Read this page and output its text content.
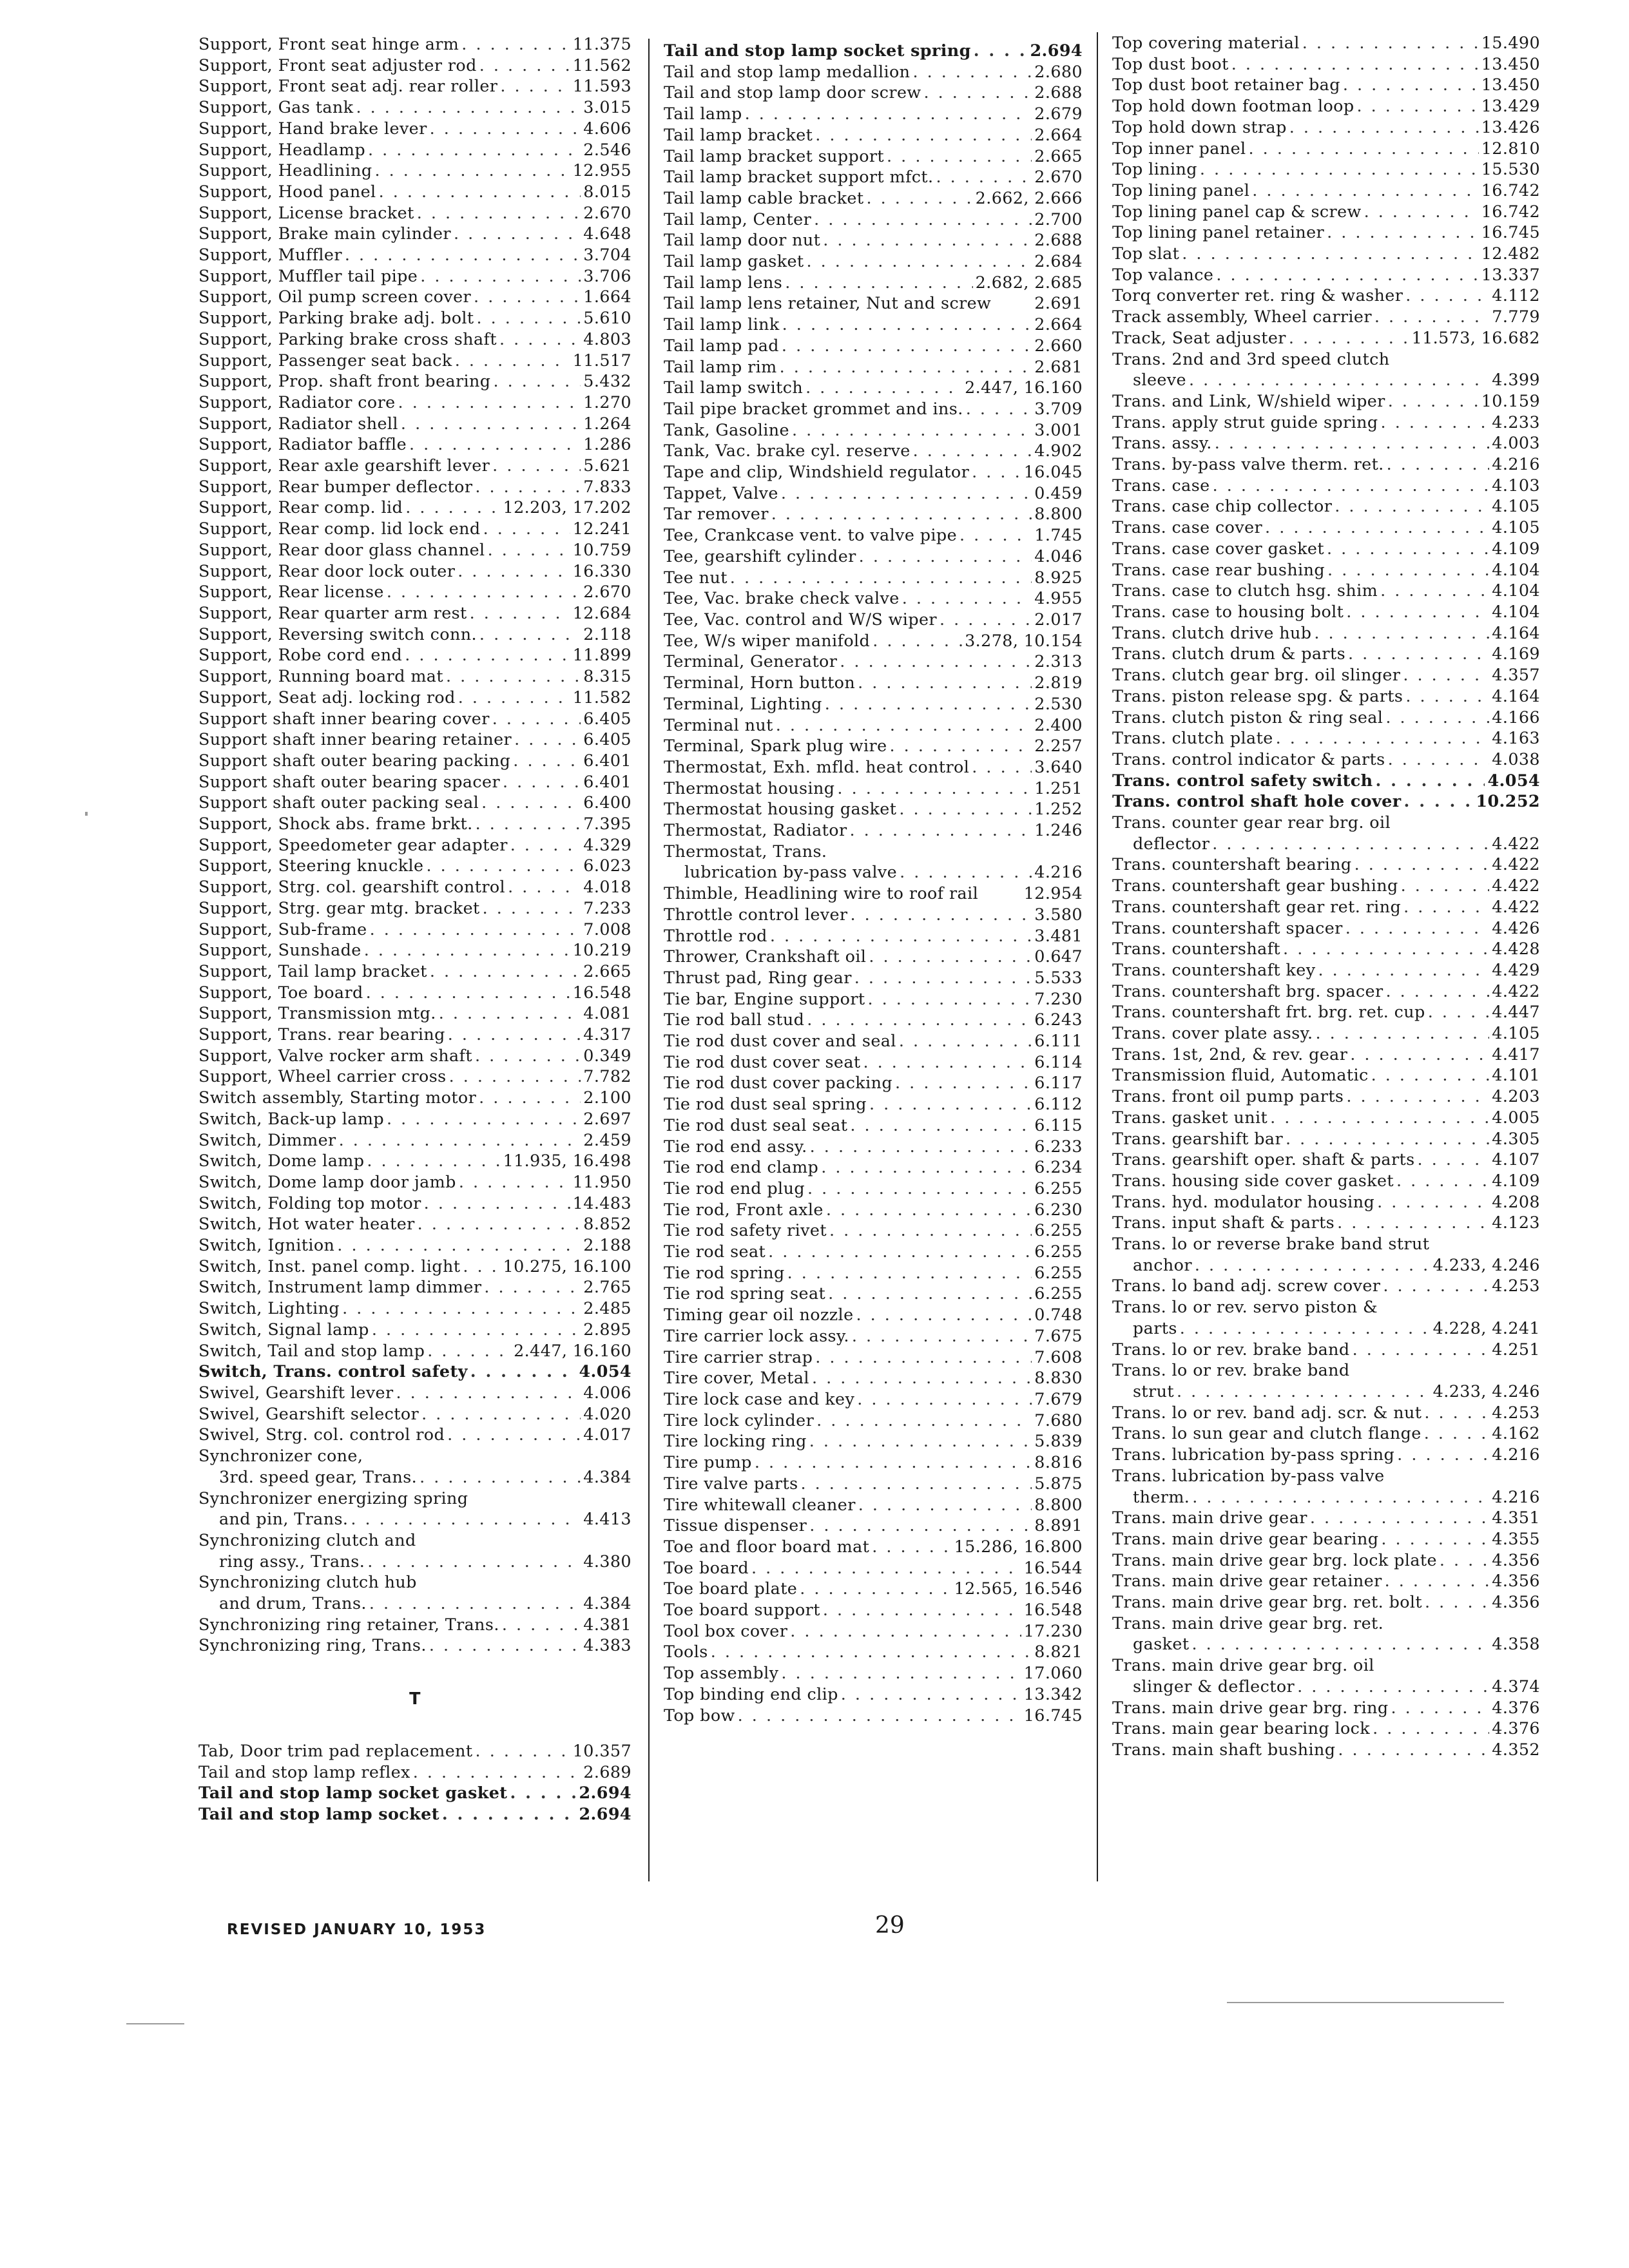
Support, Front seat hinge arm . . .	11.375
Support, Front seat adjuster rod . . .	11.562
Support, Front seat adj. rear roller . . .	11.593
Support, Gas tank . . .	3.015
Support, Hand brake lever . . .	4.606
Support, Headlamp . . .	2.546
Support, Headlining . . .	12.955
Support, Hood panel . . .	8.015
Support, License bracket . . .	2.670
Support, Brake main cylinder . . .	4.648
Support, Muffler . . .	3.704
Support, Muffler tail pipe . . .	3.706
Support, Oil pump screen cover . . .	1.664
Support, Parking brake adj. bolt . . .	5.610
Support, Parking brake cross shaft . . .	4.803
Support, Passenger seat back . . .	11.517
Support, Prop. shaft front bearing . . .	5.432
Support, Radiator core . . .	1.270
Support, Radiator shell . . .	1.264
Support, Radiator baffle . . .	1.286
Support, Rear axle gearshift lever . . .	5.621
Support, Rear bumper deflector . . .	7.833
Support, Rear comp. lid . . .	12.203, 17.202
Support, Rear comp. lid lock end . . .	12.241
Support, Rear door glass channel . . .	10.759
Support, Rear door lock outer . . .	16.330
Support, Rear license . . .	2.670
Support, Rear quarter arm rest . . .	12.684
Support, Reversing switch conn. . . .	2.118
Support, Robe cord end . . .	11.899
Support, Running board mat . . .	8.315
Support, Seat adj. locking rod . . .	11.582
Support shaft inner bearing cover . . .	6.405
Support shaft inner bearing retainer . . .	6.405
Support shaft outer bearing packing . . .	6.401
Support shaft outer bearing spacer . . .	6.401
Support shaft outer packing seal . . .	6.400
Support, Shock abs. frame brkt. . . .	7.395
Support, Speedometer gear adapter . . .	4.329
Support, Steering knuckle . . .	6.023
Support, Strg. col. gearshift control . . .	4.018
Support, Strg. gear mtg. bracket . . .	7.233
Support, Sub-frame . . .	7.008
Support, Sunshade . . .	10.219
Support, Tail lamp bracket . . .	2.665
Support, Toe board . . .	16.548
Support, Transmission mtg. . . .	4.081
Support, Trans. rear bearing . . .	4.317
Support, Valve rocker arm shaft . . .	0.349
Support, Wheel carrier cross . . .	7.782
Switch assembly, Starting motor . . .	2.100
Switch, Back-up lamp . . .	2.697
Switch, Dimmer . . .	2.459
Switch, Dome lamp . . .	11.935, 16.498
Switch, Dome lamp door jamb . . .	11.950
Switch, Folding top motor . . .	14.483
Switch, Hot water heater . . .	8.852
Switch, Ignition . . .	2.188
Switch, Inst. panel comp. light . . .	10.275, 16.100
Switch, Instrument lamp dimmer . . .	2.765
Switch, Lighting . . .	2.485
Switch, Signal lamp . . .	2.895
Switch, Tail and stop lamp . . .	2.447, 16.160
Switch, Trans. control safety . . .	4.054
Swivel, Gearshift lever . . .	4.006
Swivel, Gearshift selector . . .	4.020
Swivel, Strg. col. control rod . . .	4.017
Synchronizer cone,
3rd. speed gear, Trans. . . .	4.384
Synchronizer energizing spring
and pin, Trans. . . .	4.413
Synchronizing clutch and
ring assy., Trans. . . .	4.380
Synchronizing clutch hub
and drum, Trans. . . .	4.384
Synchronizing ring retainer, Trans. . . .	4.381
Synchronizing ring, Trans. . . .	4.383
T
Tab, Door trim pad replacement . . .	10.357
Tail and stop lamp reflex . . .	2.689
Tail and stop lamp socket gasket . . .	2.694
Tail and stop lamp socket . . .	2.694
Tail and stop lamp socket spring . . .	2.694
Tail and stop lamp medallion . . .	2.680
Tail and stop lamp door screw . . .	2.688
Tail lamp . . .	2.679
Tail lamp bracket . . .	2.664
Tail lamp bracket support . . .	2.665
Tail lamp bracket support mfct. . . .	2.670
Tail lamp cable bracket . . .	2.662, 2.666
Tail lamp, Center . . .	2.700
Tail lamp door nut . . .	2.688
Tail lamp gasket . . .	2.684
Tail lamp lens . . .	2.682, 2.685
Tail lamp lens retainer, Nut and screw	2.691
Tail lamp link . . .	2.664
Tail lamp pad . . .	2.660
Tail lamp rim . . .	2.681
Tail lamp switch . . .	2.447, 16.160
Tail pipe bracket grommet and ins. . . .	3.709
Tank, Gasoline . . .	3.001
Tank, Vac. brake cyl. reserve . . .	4.902
Tape and clip, Windshield regulator . . .	16.045
Tappet, Valve . . .	0.459
Tar remover . . .	8.800
Tee, Crankcase vent. to valve pipe . . .	1.745
Tee, gearshift cylinder . . .	4.046
Tee nut . . .	8.925
Tee, Vac. brake check valve . . .	4.955
Tee, Vac. control and W/S wiper . . .	2.017
Tee, W/s wiper manifold . . .	3.278, 10.154
Terminal, Generator . . .	2.313
Terminal, Horn button . . .	2.819
Terminal, Lighting . . .	2.530
Terminal nut . . .	2.400
Terminal, Spark plug wire . . .	2.257
Thermostat, Exh. mfld. heat control . . .	3.640
Thermostat housing . . .	1.251
Thermostat housing gasket . . .	1.252
Thermostat, Radiator . . .	1.246
Thermostat, Trans.
lubrication by-pass valve . . .	4.216
Thimble, Headlining wire to roof rail	12.954
Throttle control lever . . .	3.580
Throttle rod . . .	3.481
Thrower, Crankshaft oil . . .	0.647
Thrust pad, Ring gear . . .	5.533
Tie bar, Engine support . . .	7.230
Tie rod ball stud . . .	6.243
Tie rod dust cover and seal . . .	6.111
Tie rod dust cover seat . . .	6.114
Tie rod dust cover packing . . .	6.117
Tie rod dust seal spring . . .	6.112
Tie rod dust seal seat . . .	6.115
Tie rod end assy. . . .	6.233
Tie rod end clamp . . .	6.234
Tie rod end plug . . .	6.255
Tie rod, Front axle . . .	6.230
Tie rod safety rivet . . .	6.255
Tie rod seat . . .	6.255
Tie rod spring . . .	6.255
Tie rod spring seat . . .	6.255
Timing gear oil nozzle . . .	0.748
Tire carrier lock assy. . . .	7.675
Tire carrier strap . . .	7.608
Tire cover, Metal . . .	8.830
Tire lock case and key . . .	7.679
Tire lock cylinder . . .	7.680
Tire locking ring . . .	5.839
Tire pump . . .	8.816
Tire valve parts . . .	5.875
Tire whitewall cleaner . . .	8.800
Tissue dispenser . . .	8.891
Toe and floor board mat . . .	15.286, 16.800
Toe board . . .	16.544
Toe board plate . . .	12.565, 16.546
Toe board support . . .	16.548
Tool box cover . . .	17.230
Tools . . .	8.821
Top assembly . . .	17.060
Top binding end clip . . .	13.342
Top bow . . .	16.745
Top covering material . . .	15.490
Top dust boot . . .	13.450
Top dust boot retainer bag . . .	13.450
Top hold down footman loop . . .	13.429
Top hold down strap . . .	13.426
Top inner panel . . .	12.810
Top lining . . .	15.530
Top lining panel . . .	16.742
Top lining panel cap & screw . . .	16.742
Top lining panel retainer . . .	16.745
Top slat . . .	12.482
Top valance . . .	13.337
Torq converter ret. ring & washer . . .	4.112
Track assembly, Wheel carrier . . .	7.779
Track, Seat adjuster . . .	11.573, 16.682
Trans. 2nd and 3rd speed clutch
sleeve . . .	4.399
Trans. and Link, W/shield wiper . . .	10.159
Trans. apply strut guide spring . . .	4.233
Trans. assy. . . .	4.003
Trans. by-pass valve therm. ret. . . .	4.216
Trans. case . . .	4.103
Trans. case chip collector . . .	4.105
Trans. case cover . . .	4.105
Trans. case cover gasket . . .	4.109
Trans. case rear bushing . . .	4.104
Trans. case to clutch hsg. shim . . .	4.104
Trans. case to housing bolt . . .	4.104
Trans. clutch drive hub . . .	4.164
Trans. clutch drum & parts . . .	4.169
Trans. clutch gear brg. oil slinger . . .	4.357
Trans. piston release spg. & parts . . .	4.164
Trans. clutch piston & ring seal . . .	4.166
Trans. clutch plate . . .	4.163
Trans. control indicator & parts . . .	4.038
Trans. control safety switch . . .	4.054
Trans. control shaft hole cover . . .	10.252
Trans. counter gear rear brg. oil
deflector . . .	4.422
Trans. countershaft bearing . . .	4.422
Trans. countershaft gear bushing . . .	4.422
Trans. countershaft gear ret. ring . . .	4.422
Trans. countershaft spacer . . .	4.426
Trans. countershaft . . .	4.428
Trans. countershaft key . . .	4.429
Trans. countershaft brg. spacer . . .	4.422
Trans. countershaft frt. brg. ret. cup . . .	4.447
Trans. cover plate assy. . . .	4.105
Trans. 1st, 2nd, & rev. gear . . .	4.417
Transmission fluid, Automatic . . .	4.101
Trans. front oil pump parts . . .	4.203
Trans. gasket unit . . .	4.005
Trans. gearshift bar . . .	4.305
Trans. gearshift oper. shaft & parts . . .	4.107
Trans. housing side cover gasket . . .	4.109
Trans. hyd. modulator housing . . .	4.208
Trans. input shaft & parts . . .	4.123
Trans. lo or reverse brake band strut
anchor . . .	4.233, 4.246
Trans. lo band adj. screw cover . . .	4.253
Trans. lo or rev. servo piston &
parts . . .	4.228, 4.241
Trans. lo or rev. brake band . . .	4.251
Trans. lo or rev. brake band
strut . . .	4.233, 4.246
Trans. lo or rev. band adj. scr. & nut . . .	4.253
Trans. lo sun gear and clutch flange . . .	4.162
Trans. lubrication by-pass spring . . .	4.216
Trans. lubrication by-pass valve
therm. . . .	4.216
Trans. main drive gear . . .	4.351
Trans. main drive gear bearing . . .	4.355
Trans. main drive gear brg. lock plate . . .	4.356
Trans. main drive gear retainer . . .	4.356
Trans. main drive gear brg. ret. bolt . . .	4.356
Trans. main drive gear brg. ret.
gasket . . .	4.358
Trans. main drive gear brg. oil
slinger & deflector . . .	4.374
Trans. main drive gear brg. ring . . .	4.376
Trans. main gear bearing lock . . .	4.376
Trans. main shaft bushing . . .	4.352
REVISED JANUARY 10, 1953	29
